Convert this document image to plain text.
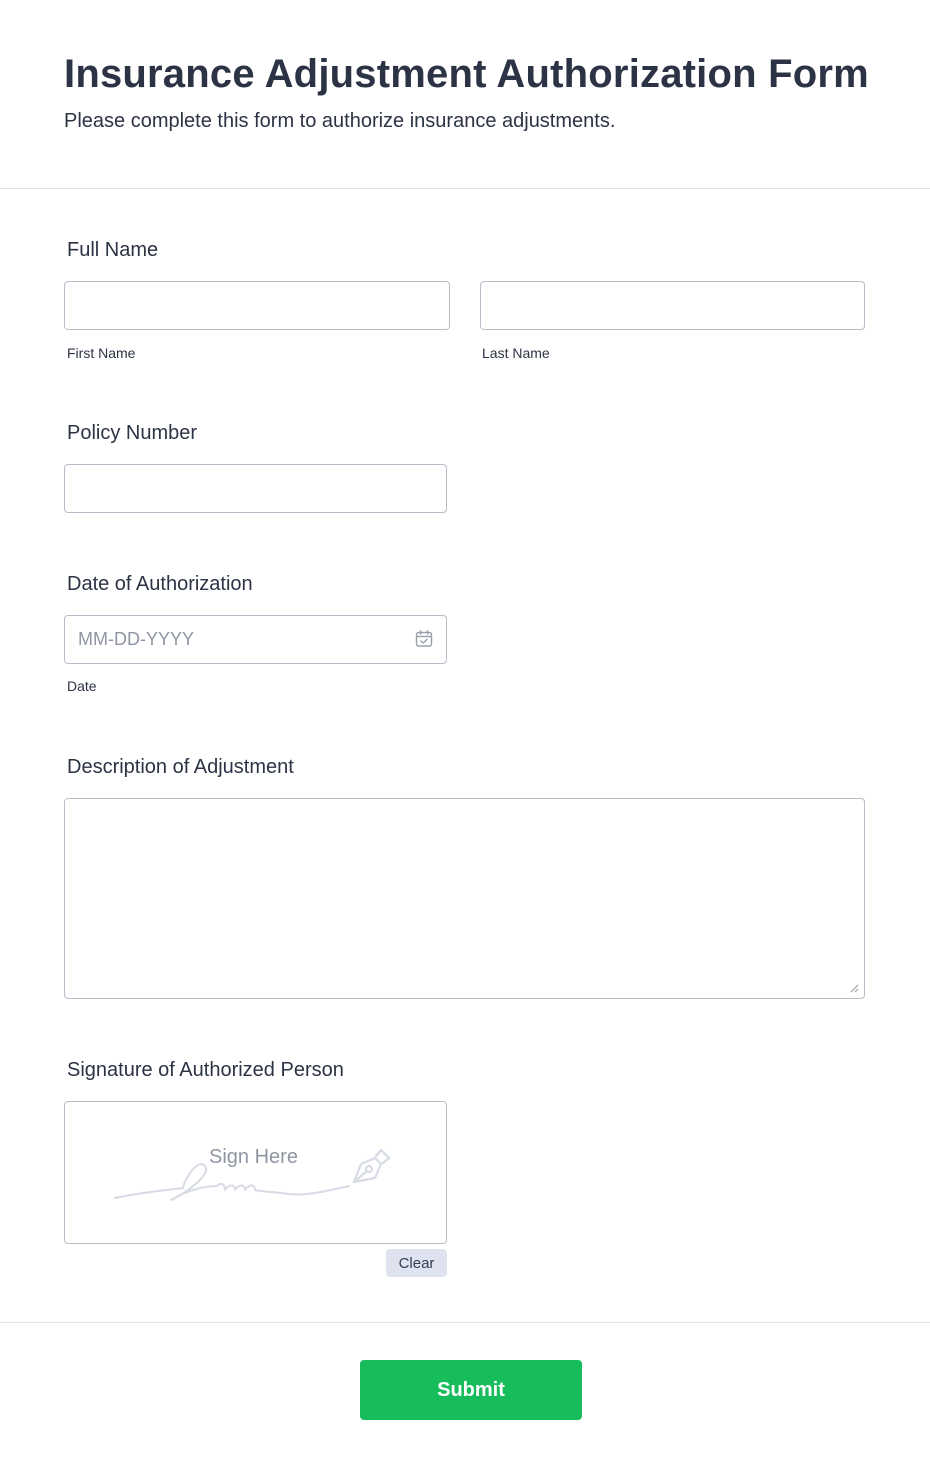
Insurance Adjustment Authorization Form

Please complete this form to authorize insurance adjustments.

Full Name
First Name	Last Name
Policy Number
Date of Authorization
MM-DD-YYYY
Date
Description of Adjustment
Signature of Authorized Person
Sign Here
Clear
Submit
